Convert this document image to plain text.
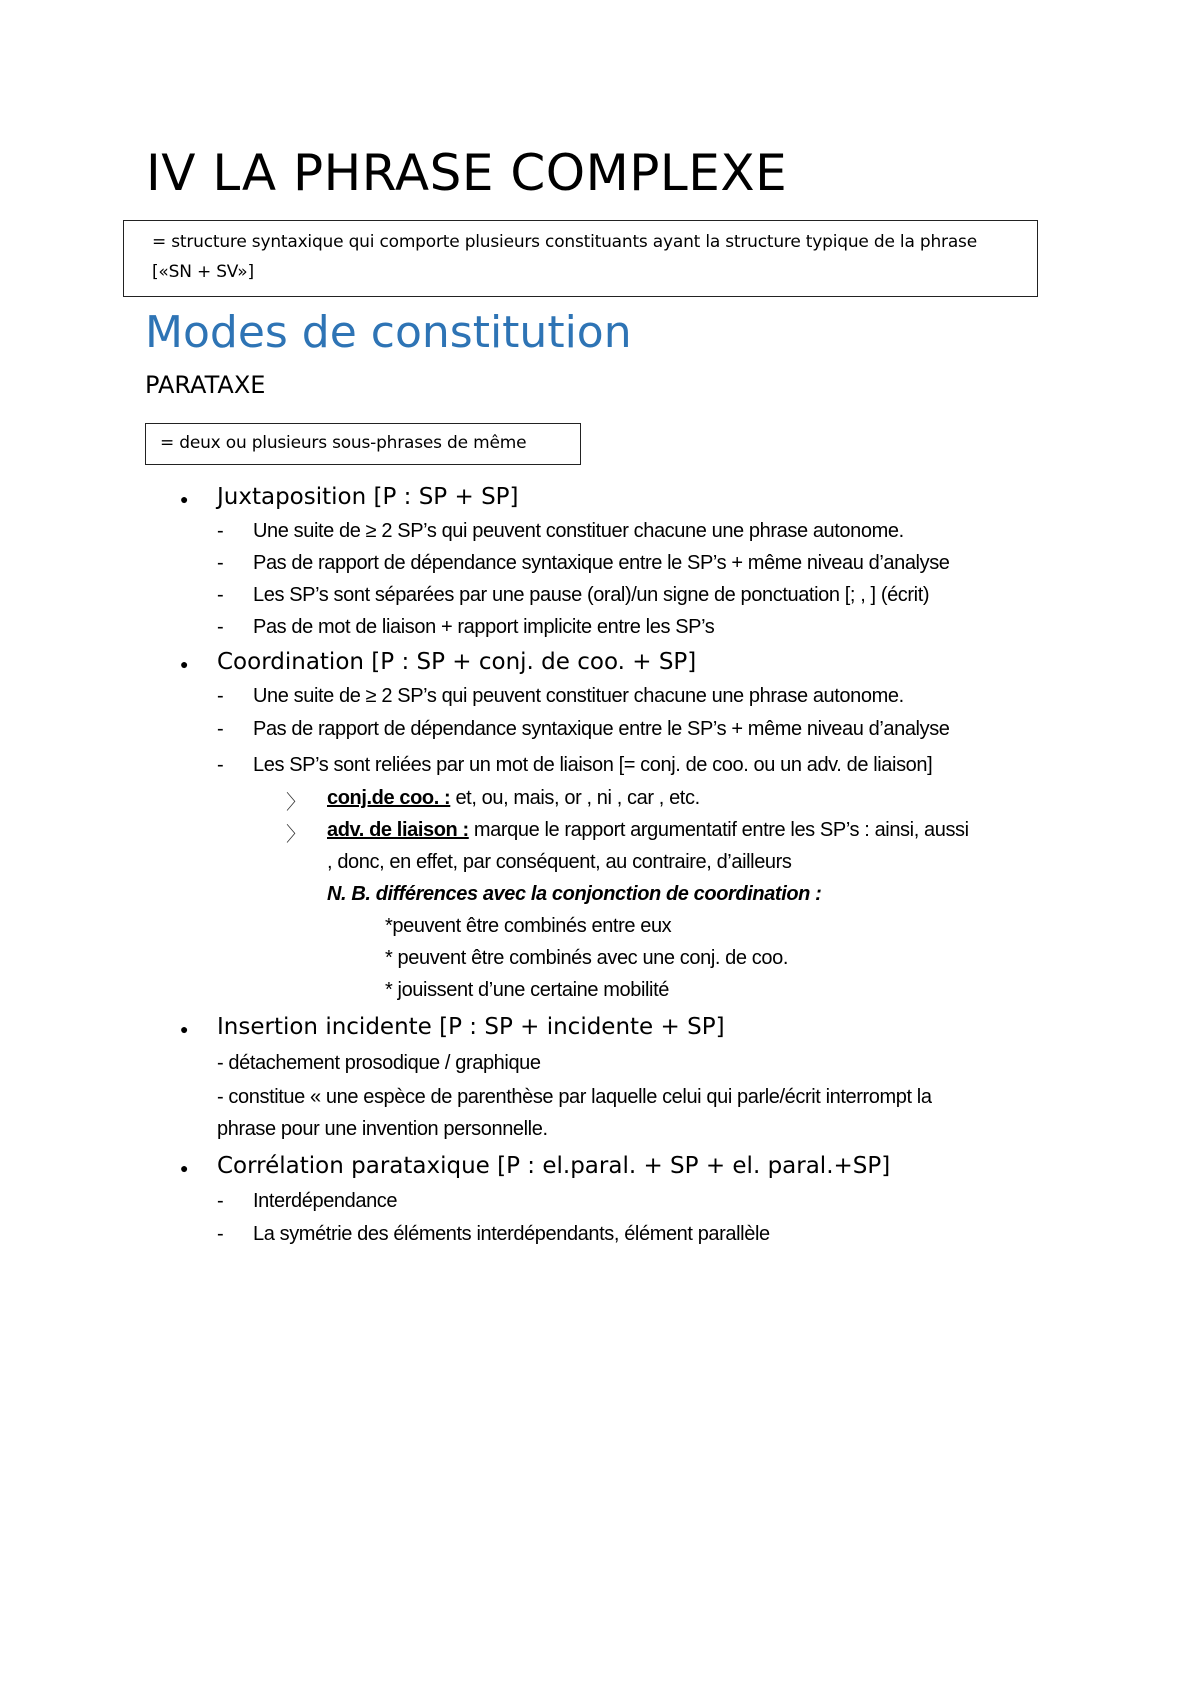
IV LA PHRASE COMPLEXE
= structure syntaxique qui comporte plusieurs constituants ayant la structure typique de la phrase
[«SN + SV»]
Modes de constitution
PARATAXE
= deux ou plusieurs sous-phrases de même
● Juxtaposition [P : SP + SP]
- Une suite de ≥ 2 SP’s qui peuvent constituer chacune une phrase autonome.
- Pas de rapport de dépendance syntaxique entre le SP’s + même niveau d’analyse
- Les SP’s sont séparées par une pause (oral)/un signe de ponctuation [; , ] (écrit)
- Pas de mot de liaison + rapport implicite entre les SP’s
● Coordination [P : SP + conj. de coo. + SP]
- Une suite de ≥ 2 SP’s qui peuvent constituer chacune une phrase autonome.
- Pas de rapport de dépendance syntaxique entre le SP’s + même niveau d’analyse
- Les SP’s sont reliées par un mot de liaison [= conj. de coo. ou un adv. de liaison]
〉 conj.de coo. : et, ou, mais, or , ni , car , etc.
〉 adv. de liaison : marque le rapport argumentatif entre les SP’s : ainsi, aussi
, donc, en effet, par conséquent, au contraire, d’ailleurs
N. B. différences avec la conjonction de coordination :
*peuvent être combinés entre eux
* peuvent être combinés avec une conj. de coo.
* jouissent d’une certaine mobilité
● Insertion incidente [P : SP + incidente + SP]
- détachement prosodique / graphique
- constitue « une espèce de parenthèse par laquelle celui qui parle/écrit interrompt la
phrase pour une invention personnelle.
● Corrélation parataxique [P : el.paral. + SP + el. paral.+SP]
- Interdépendance
- La symétrie des éléments interdépendants, élément parallèle
